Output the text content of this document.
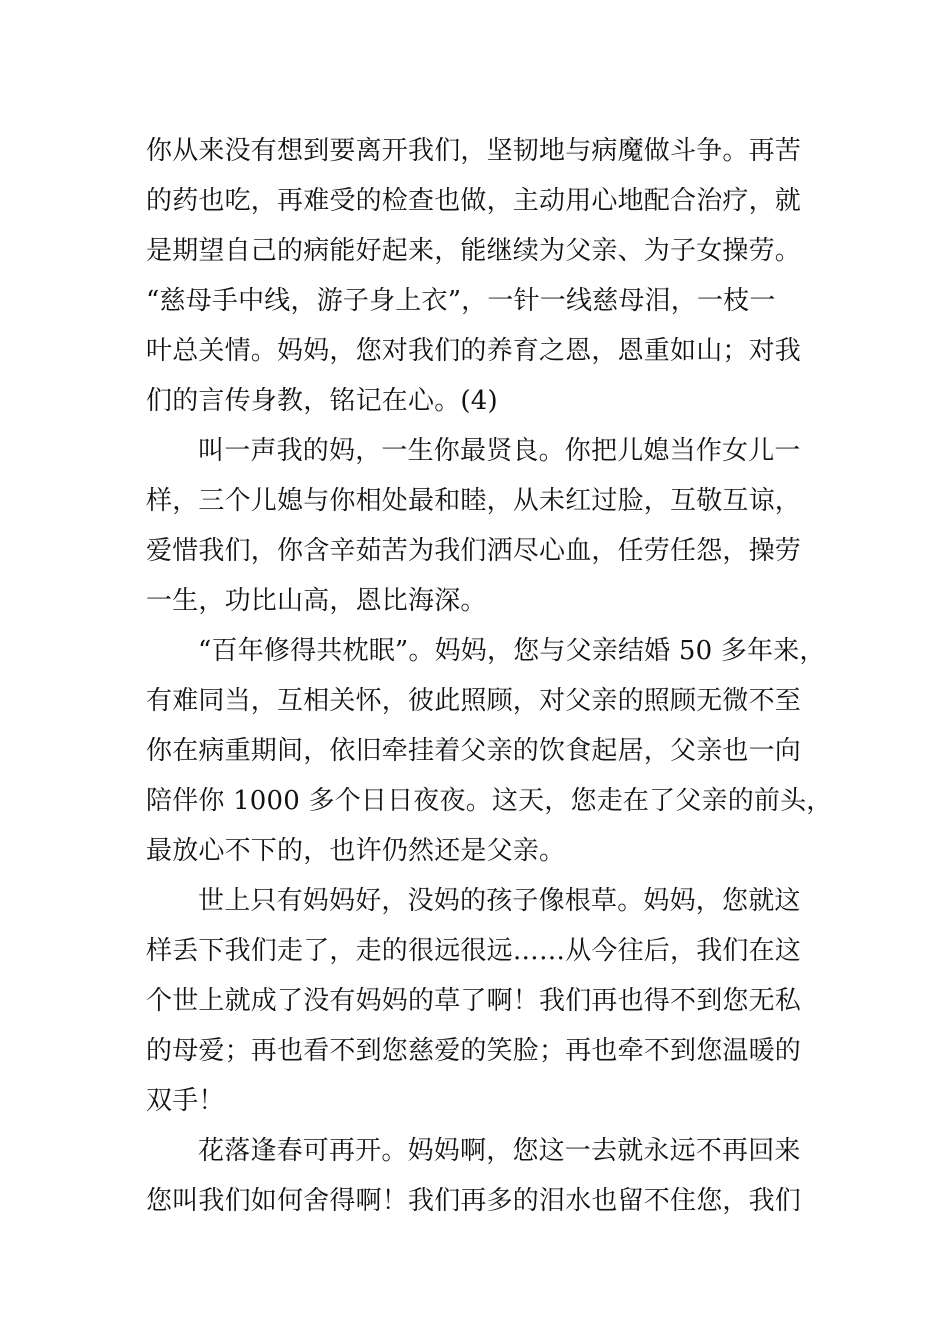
你从来没有想到要离开我们，坚韧地与病魔做斗争。再苦
的药也吃，再难受的检查也做，主动用心地配合治疗，就
是期望自己的病能好起来，能继续为父亲、为子女操劳。
“慈母手中线，游子身上衣”，一针一线慈母泪，一枝一
叶总关情。妈妈，您对我们的养育之恩，恩重如山；对我
们的言传身教，铭记在心。(4)
叫一声我的妈，一生你最贤良。你把儿媳当作女儿一
样，三个儿媳与你相处最和睦，从未红过脸，互敬互谅，
爱惜我们，你含辛茹苦为我们洒尽心血，任劳任怨，操劳
一生，功比山高，恩比海深。
“百年修得共枕眠”。妈妈，您与父亲结婚 50 多年来，
有难同当，互相关怀，彼此照顾，对父亲的照顾无微不至
你在病重期间，依旧牵挂着父亲的饮食起居，父亲也一向
陪伴你 1000 多个日日夜夜。这天，您走在了父亲的前头，
最放心不下的，也许仍然还是父亲。
世上只有妈妈好，没妈的孩子像根草。妈妈，您就这
样丢下我们走了，走的很远很远……从今往后，我们在这
个世上就成了没有妈妈的草了啊！我们再也得不到您无私
的母爱；再也看不到您慈爱的笑脸；再也牵不到您温暖的
双手！
花落逢春可再开。妈妈啊，您这一去就永远不再回来
您叫我们如何舍得啊！我们再多的泪水也留不住您，我们
